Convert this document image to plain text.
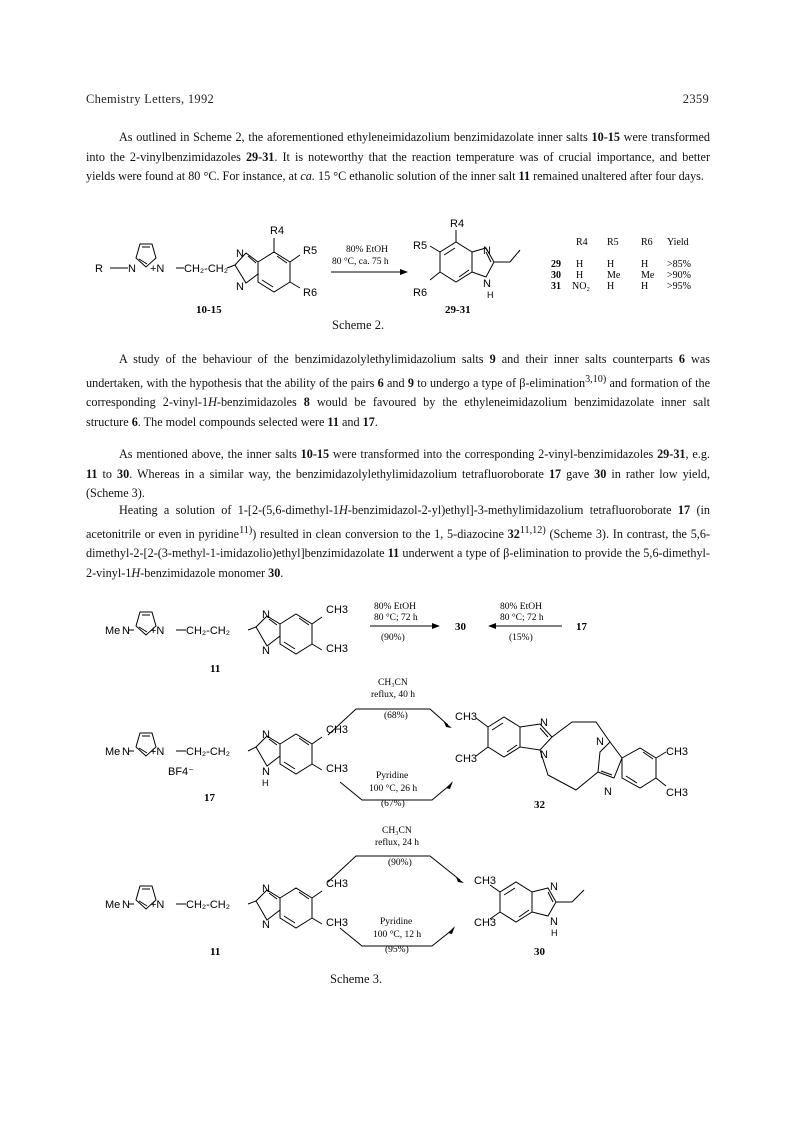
Chemistry Letters, 1992	2359

As outlined in Scheme 2, the aforementioned ethyleneimidazolium benzimidazolate inner salts 10-15 were transformed into the 2-vinylbenzimidazoles 29-31. It is noteworthy that the reaction temperature was of crucial importance, and better yields were found at 80 °C. For instance, at ca. 15 °C ethanolic solution of the inner salt 11 remained unaltered after four days.

R N +N CH₂-CH₂
N
N
R4
R5
R6
10-15
80% EtOH
80 °C, ca. 75 h
R4
R5
R6
N
N
H
29-31
R4 R5 R6 Yield
29 H H	H >85%
30 H Me Me >90%
31 NO₂ H	H >95%
Scheme 2.

A study of the behaviour of the benzimidazolylethylimidazolium salts 9 and their inner salts counterparts 6 was undertaken, with the hypothesis that the ability of the pairs 6 and 9 to undergo a type of β-elimination$^{3,10)}$ and formation of the corresponding 2-vinyl-1H-benzimidazoles 8 would be favoured by the ethyleneimidazolium benzimidazolate inner salt structure 6. The model compounds selected were 11 and 17.

As mentioned above, the inner salts 10-15 were transformed into the corresponding 2-vinyl-benzimidazoles 29-31, e.g. 11 to 30. Whereas in a similar way, the benzimidazolylethylimidazolium tetrafluoroborate 17 gave 30 in rather low yield, (Scheme 3).

Heating a solution of 1-[2-(5,6-dimethyl-1H-benzimidazol-2-yl)ethyl]-3-methylimidazolium tetrafluoroborate 17 (in acetonitrile or even in pyridine$^{11)}$) resulted in clean conversion to the 1, 5-diazocine 32$^{11,12)}$ (Scheme 3). In contrast, the 5,6-dimethyl-2-[2-(3-methyl-1-imidazolio)ethyl]benzimidazolate 11 underwent a type of β-elimination to provide the 5,6-dimethyl-2-vinyl-1H-benzimidazole monomer 30.

Me N +N CH₂-CH₂
N
N
CH3
CH3
11
80% EtOH
80 °C; 72 h
(90%)
30
80% EtOH
80 °C; 72 h
(15%)
17
Me N +N CH₂-CH₂
N
N
H
CH3
CH3
BF4⁻
17
CH₃CN
reflux, 40 h
(68%)
Pyridine
100 °C, 26 h
(67%)
CH3
CH3
N
N
N
N
CH3
CH3
32
Me N +N CH₂-CH₂
N
N
CH3
CH3
11
CH₃CN
reflux, 24 h
(90%)
Pyridine
100 °C, 12 h
(95%)
CH3
CH3
N
N
H
30
Scheme 3.
